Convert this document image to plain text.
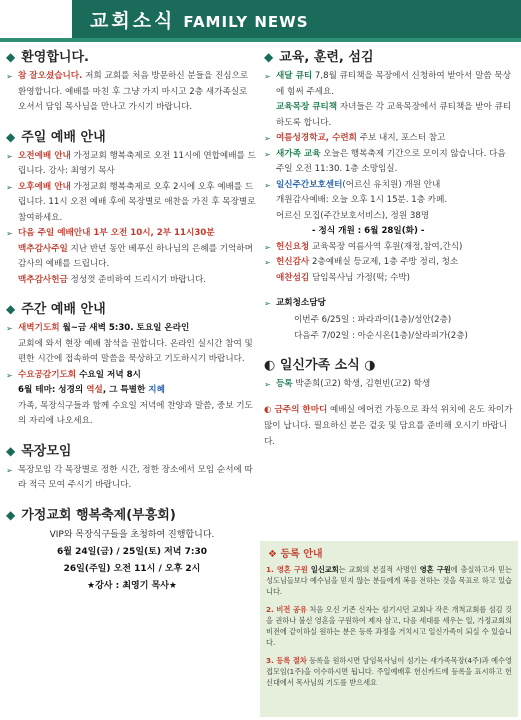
교회소식 FAMILY NEWS
◆ 환영합니다.
➢ 참 잘오셨습니다. 저희 교회를 처음 방문하신 분들을 진심으로 환영합니다. 예배를 마친 후 그냥 가지 마시고 2층 새가족실로 오셔서 담임 목사님을 만나고 가시기 바랍니다.
◆ 주일 예배 안내
➢ 오전예배 안내 가정교회 행복축제로 오전 11시에 연합예배를 드립니다. 강사: 최영기 목사
➢ 오후예배 안내 가정교회 행복축제로 오후 2시에 오후 예배를 드립니다. 11시 오전 예배 후에 목장별로 애찬을 가진 후 목장별로 참여하세요.
➢ 다음 주일 예배안내 1부 오전 10시, 2부 11시30분
맥추감사주일 지난 반년 동안 베푸신 하나님의 은혜를 기억하며 감사의 예배를 드립니다.
맥추감사헌금 정성껏 준비하여 드리시기 바랍니다.
◆ 주간 예배 안내
➢ 새벽기도회 월~금 새벽 5:30. 토요일 온라인
교회에 와서 현장 예배 참석을 권합니다. 온라인 실시간 참여 및 편한 시간에 접속하여 말씀을 묵상하고 기도하시기 바랍니다.
➢ 수요공감기도회 수요일 저녁 8시
6월 테마: 성경의 역설, 그 특별한 지혜
가족, 목장식구들과 함께 수요일 저녁에 찬양과 말씀, 중보 기도의 자리에 나오세요.
◆ 목장모임
➢ 목장모임 각 목장별로 정한 시간, 정한 장소에서 모임 순서에 따라 적극 모여 주시기 바랍니다.
◆ 가정교회 행복축제(부흥회)
VIP와 목장식구들을 초청하여 진행합니다.
6월 24일(금) / 25일(토) 저녁 7:30
26일(주일) 오전 11시 / 오후 2시
★강사 : 최영기 목사★
◆ 교육, 훈련, 섬김
➢ 새달 큐티 7,8월 큐티책을 목장에서 신청하여 받아서 말씀 묵상에 힘써 주세요.
교육목장 큐티책 자녀들은 각 교육목장에서 큐티책을 받아 큐티 하도록 합니다.
➢ 여름성경학교, 수련회 주보 내지, 포스터 참고
➢ 새가족 교육 오늘은 행복축제 기간으로 모이지 않습니다. 다음 주일 오전 11:30. 1층 소망임실.
➢ 일신주간보호센터(어르신 유치원) 개원 안내
개원감사예배: 오늘 오후 1시 15분. 1층 카페.
어르신 모집(주간보호서비스), 정원 38명
- 정식 개원 : 6월 28일(화) -
➢ 헌신요청 교육목장 여름사역 후원(재정,참여,간식)
➢ 헌신감사 2층예배실 등교제, 1층 주방 정리, 청소
애찬섬김 담임목사님 가정(떡; 수박)
➢ 교회청소담당
이번주 6/25일 : 파라과이(1층)/성안(2층)
다음주 7/02일 : 아순시온(1층)/살라피가(2층)
◐ 일신가족 소식 ◑
➢ 등록 박준희(고2) 학생, 김현빈(고2) 학생
◐ 금주의 한마디 예배실 에어컨 가동으로 좌석 위치에 온도 차이가 많이 납니다. 필요하신 분은 겉옷 및 담요를 준비해 오시기 바랍니다.
❖ 등록 안내

1. 영혼 구원 일신교회는 교회의 본질적 사명인 영혼 구원에 충실하고자 믿는 성도님들보다 예수님을 믿지 않는 분들에게 복음 전하는 것을 목표로 하고 있습니다.

2. 비전 공유 처음 오신 기존 신자는 섬기시던 교회나 작은 개척교회를 섬김 것을 권하나 불신 영혼을 구원하여 제자 삼고, 다음 세대를 세우는 일, 가정교회의 비전에 같이하실 원하는 분은 등록 과정을 거치시고 일신가족이 되실 수 있습니다.

3. 등록 절차 등록을 원하시면 담임목사님이 섬기는 새가족목장(4주)과 예수영접모임(1주)을 이수하시면 됩니다. 주일예배후 헌신카드에 등록을 표시하고 헌신대에서 목사님의 기도를 받으세요
